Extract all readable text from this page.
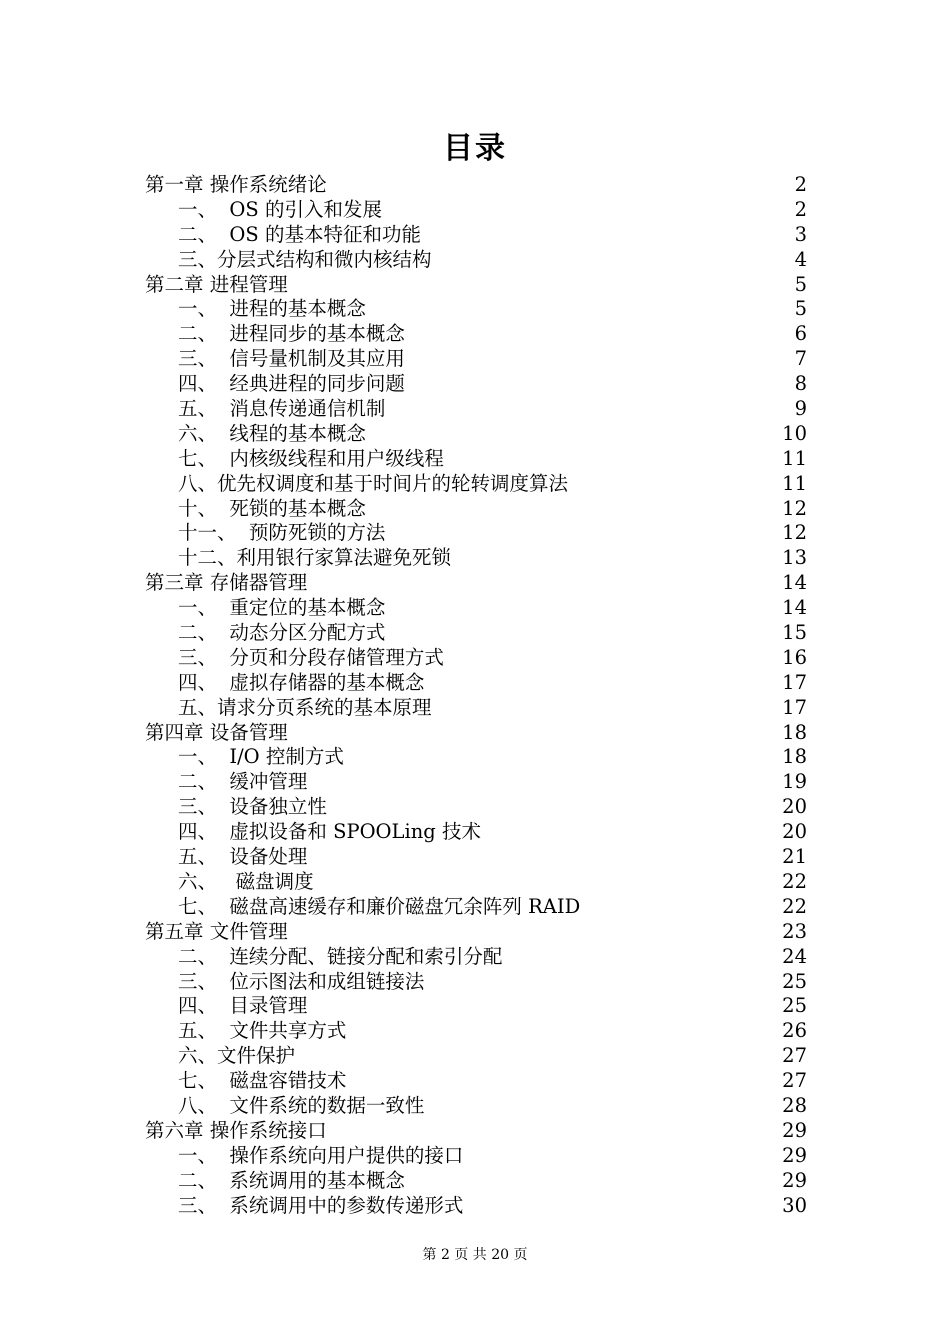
目录
第一章 操作系统绪论	2
一、  OS 的引入和发展	2
二、  OS 的基本特征和功能	3
三、分层式结构和微内核结构	4
第二章 进程管理	5
一、  进程的基本概念	5
二、  进程同步的基本概念	6
三、  信号量机制及其应用	7
四、  经典进程的同步问题	8
五、  消息传递通信机制	9
六、  线程的基本概念	10
七、  内核级线程和用户级线程	11
八、优先权调度和基于时间片的轮转调度算法	11
十、  死锁的基本概念	12
十一、  预防死锁的方法	12
十二、利用银行家算法避免死锁	13
第三章 存储器管理	14
一、  重定位的基本概念	14
二、  动态分区分配方式	15
三、  分页和分段存储管理方式	16
四、  虚拟存储器的基本概念	17
五、请求分页系统的基本原理	17
第四章 设备管理	18
一、  I/O 控制方式	18
二、  缓冲管理	19
三、  设备独立性	20
四、  虚拟设备和 SPOOLing 技术	20
五、  设备处理	21
六、   磁盘调度	22
七、  磁盘高速缓存和廉价磁盘冗余阵列 RAID	22
第五章 文件管理	23
二、  连续分配、链接分配和索引分配	24
三、  位示图法和成组链接法	25
四、  目录管理	25
五、  文件共享方式	26
六、文件保护	27
七、  磁盘容错技术	27
八、  文件系统的数据一致性	28
第六章 操作系统接口	29
一、  操作系统向用户提供的接口	29
二、  系统调用的基本概念	29
三、  系统调用中的参数传递形式	30
第 2 页 共 20 页
